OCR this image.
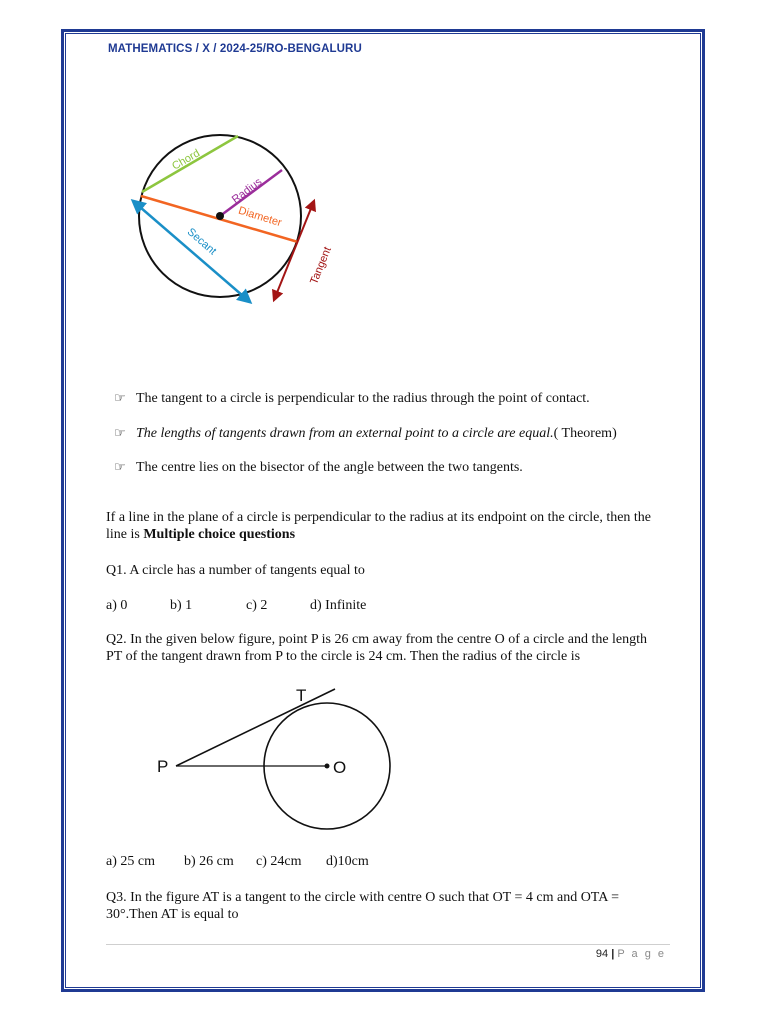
MATHEMATICS / X / 2024-25/RO-BENGALURU
Chord
Radius
Diameter
Secant
Tangent
☞ The tangent to a circle is perpendicular to the radius through the point of contact.
☞ The lengths of tangents drawn from an external point to a circle are equal.( Theorem)
☞ The centre lies on the bisector of the angle between the two tangents.

If a line in the plane of a circle is perpendicular to the radius at its endpoint on the circle, then the line is Multiple choice questions

Q1. A circle has a number of tangents equal to

a) 0	b) 1	c) 2	d) Infinite

Q2. In the given below figure, point P is 26 cm away from the centre O of a circle and the length PT of the tangent drawn from P to the circle is 24 cm. Then the radius of the circle is

T
P	O
a) 25 cm b) 26 cm c) 24cm d)10cm

Q3. In the figure AT is a tangent to the circle with centre O such that OT = 4 cm and OTA = 30°.Then AT is equal to

94 | P a g e
